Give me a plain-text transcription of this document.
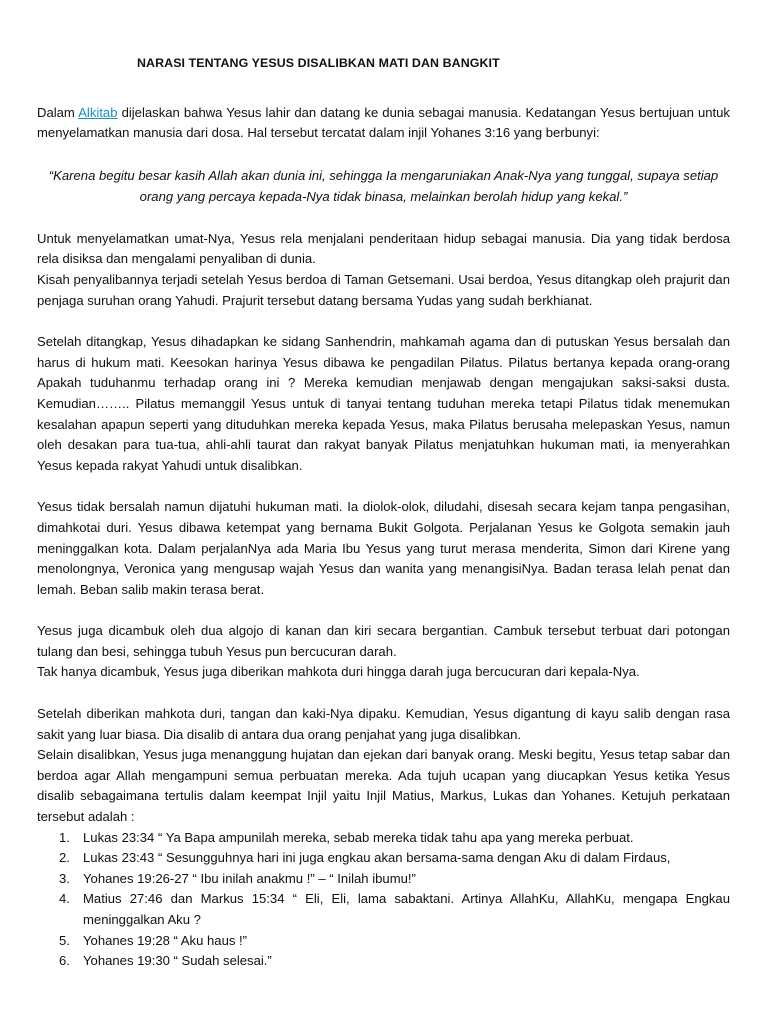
NARASI TENTANG YESUS DISALIBKAN MATI DAN BANGKIT

Dalam Alkitab dijelaskan bahwa Yesus lahir dan datang ke dunia sebagai manusia. Kedatangan Yesus bertujuan untuk menyelamatkan manusia dari dosa. Hal tersebut tercatat dalam injil Yohanes 3:16 yang berbunyi:

“Karena begitu besar kasih Allah akan dunia ini, sehingga Ia mengaruniakan Anak-Nya yang tunggal, supaya setiap orang yang percaya kepada-Nya tidak binasa, melainkan berolah hidup yang kekal.”

Untuk menyelamatkan umat-Nya, Yesus rela menjalani penderitaan hidup sebagai manusia. Dia yang tidak berdosa rela disiksa dan mengalami penyaliban di dunia.

Kisah penyalibannya terjadi setelah Yesus berdoa di Taman Getsemani. Usai berdoa, Yesus ditangkap oleh prajurit dan penjaga suruhan orang Yahudi. Prajurit tersebut datang bersama Yudas yang sudah berkhianat.

Setelah ditangkap, Yesus dihadapkan ke sidang Sanhendrin, mahkamah agama dan di putuskan Yesus bersalah dan harus di hukum mati. Keesokan harinya Yesus dibawa ke pengadilan Pilatus. Pilatus bertanya kepada orang-orang Apakah tuduhanmu terhadap orang ini ? Mereka kemudian menjawab dengan mengajukan saksi-saksi dusta. Kemudian…….. Pilatus memanggil Yesus untuk di tanyai tentang tuduhan mereka tetapi Pilatus tidak menemukan kesalahan apapun seperti yang dituduhkan mereka kepada Yesus, maka Pilatus berusaha melepaskan Yesus, namun oleh desakan para tua-tua, ahli-ahli taurat dan rakyat banyak Pilatus menjatuhkan hukuman mati, ia menyerahkan Yesus kepada rakyat Yahudi untuk disalibkan.

Yesus tidak bersalah namun dijatuhi hukuman mati. Ia diolok-olok, diludahi, disesah secara kejam tanpa pengasihan, dimahkotai duri. Yesus dibawa ketempat yang bernama Bukit Golgota. Perjalanan Yesus ke Golgota semakin jauh meninggalkan kota. Dalam perjalanNya ada Maria Ibu Yesus yang turut merasa menderita, Simon dari Kirene yang menolongnya, Veronica yang mengusap wajah Yesus dan wanita yang menangisiNya. Badan terasa lelah penat dan lemah. Beban salib makin terasa berat.

Yesus juga dicambuk oleh dua algojo di kanan dan kiri secara bergantian. Cambuk tersebut terbuat dari potongan tulang dan besi, sehingga tubuh Yesus pun bercucuran darah.

Tak hanya dicambuk, Yesus juga diberikan mahkota duri hingga darah juga bercucuran dari kepala-Nya.

Setelah diberikan mahkota duri, tangan dan kaki-Nya dipaku. Kemudian, Yesus digantung di kayu salib dengan rasa sakit yang luar biasa. Dia disalib di antara dua orang penjahat yang juga disalibkan.

Selain disalibkan, Yesus juga menanggung hujatan dan ejekan dari banyak orang. Meski begitu, Yesus tetap sabar dan berdoa agar Allah mengampuni semua perbuatan mereka. Ada tujuh ucapan yang diucapkan Yesus ketika Yesus disalib sebagaimana tertulis dalam keempat Injil yaitu Injil Matius, Markus, Lukas dan Yohanes. Ketujuh perkataan tersebut adalah :

1. Lukas 23:34 “ Ya Bapa ampunilah mereka, sebab mereka tidak tahu apa yang mereka perbuat.
2. Lukas 23:43 “ Sesungguhnya hari ini juga engkau akan bersama-sama dengan Aku di dalam Firdaus,
3. Yohanes 19:26-27 “ Ibu inilah anakmu !” – “ Inilah ibumu!”
4. Matius 27:46 dan Markus 15:34 “ Eli, Eli, lama sabaktani. Artinya AllahKu, AllahKu, mengapa Engkau meninggalkan Aku ?
5. Yohanes 19:28 “ Aku haus !”
6. Yohanes 19:30 “ Sudah selesai.”
